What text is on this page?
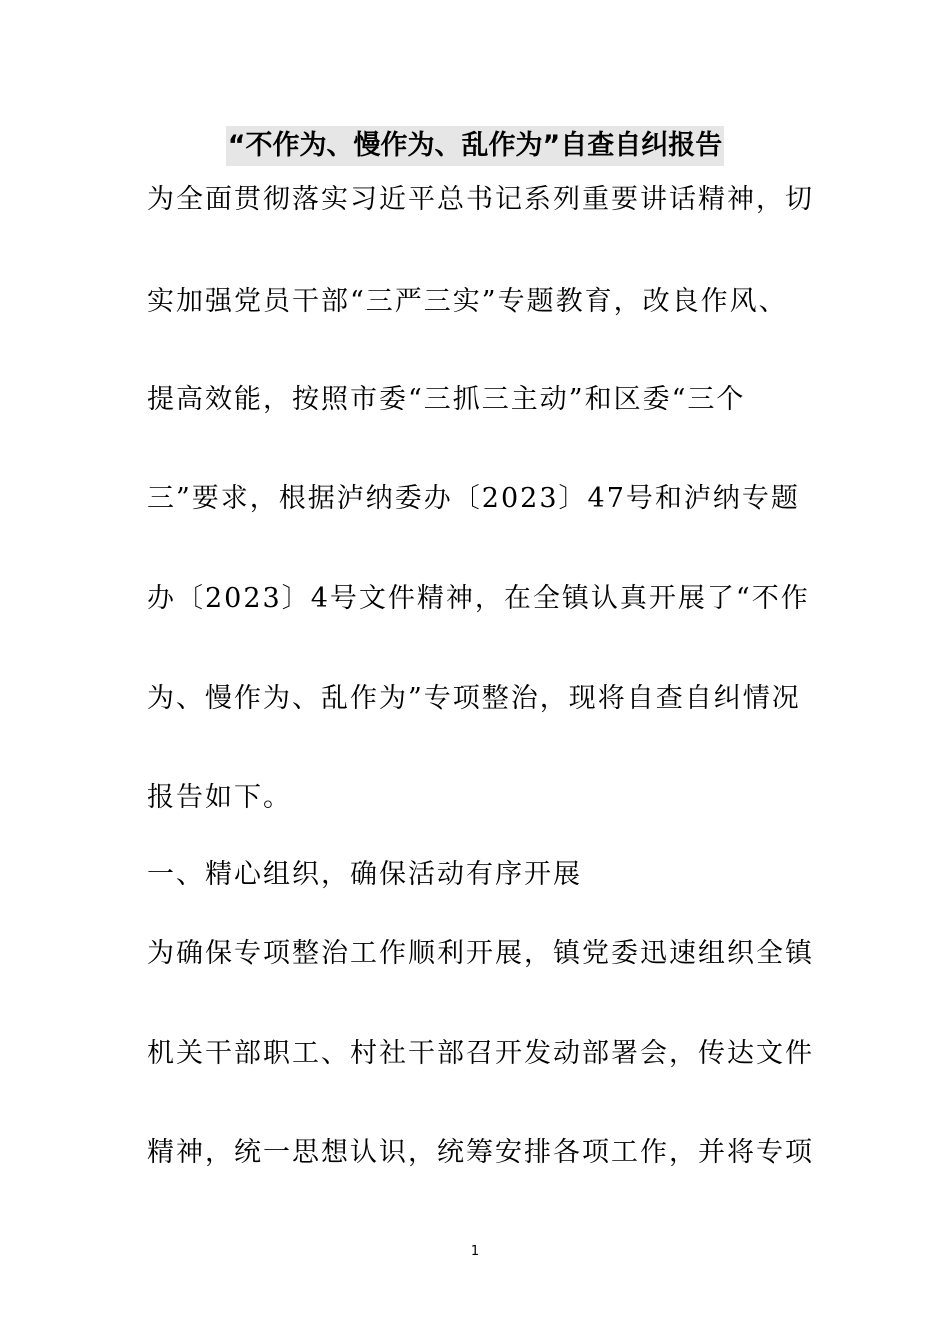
“不作为、慢作为、乱作为”自查自纠报告
为全面贯彻落实习近平总书记系列重要讲话精神，切
实加强党员干部“三严三实”专题教育，改良作风、
提高效能，按照市委“三抓三主动”和区委“三个
三”要求，根据泸纳委办〔2023〕47号和泸纳专题
办〔2023〕4号文件精神，在全镇认真开展了“不作
为、慢作为、乱作为”专项整治，现将自查自纠情况
报告如下。
一、精心组织，确保活动有序开展
为确保专项整治工作顺利开展，镇党委迅速组织全镇
机关干部职工、村社干部召开发动部署会，传达文件
精神，统一思想认识，统筹安排各项工作，并将专项
1
